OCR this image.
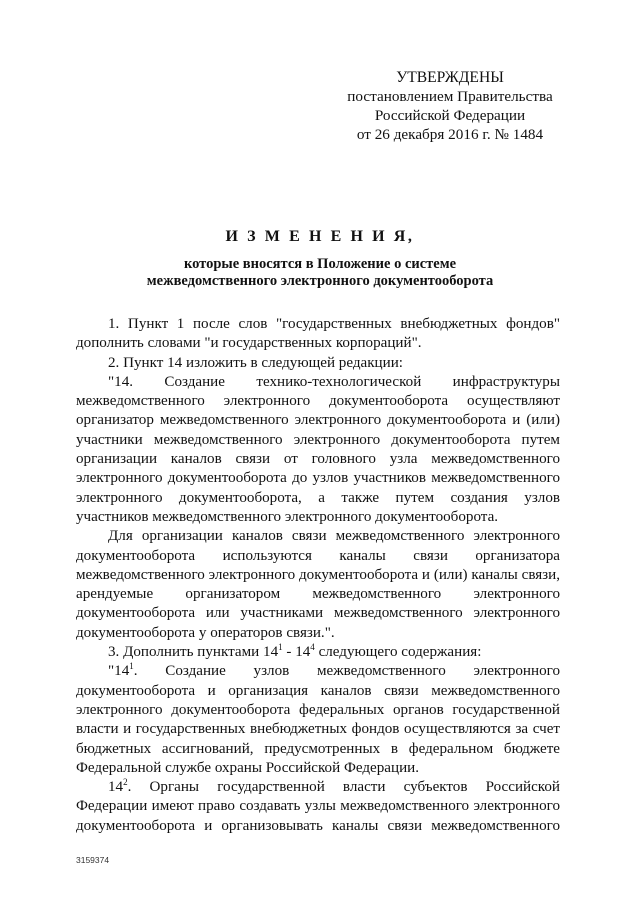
УТВЕРЖДЕНЫ
постановлением Правительства
Российской Федерации
от 26 декабря 2016 г. № 1484
И З М Е Н Е Н И Я,
которые вносятся в Положение о системе
межведомственного электронного документооборота

1. Пункт 1 после слов "государственных внебюджетных фондов" дополнить словами "и государственных корпораций".

2. Пункт 14 изложить в следующей редакции:

"14. Создание технико-технологической инфраструктуры межведомственного электронного документооборота осуществляют организатор межведомственного электронного документооборота и (или) участники межведомственного электронного документооборота путем организации каналов связи от головного узла межведомственного электронного документооборота до узлов участников межведомственного электронного документооборота, а также путем создания узлов участников межведомственного электронного документооборота.

Для организации каналов связи межведомственного электронного документооборота используются каналы связи организатора межведомственного электронного документооборота и (или) каналы связи, арендуемые организатором межведомственного электронного документооборота или участниками межведомственного электронного документооборота у операторов связи.".

3. Дополнить пунктами $14^1 - 14^4$ следующего содержания:

"$14^1$. Создание узлов межведомственного электронного документооборота и организация каналов связи межведомственного электронного документооборота федеральных органов государственной власти и государственных внебюджетных фондов осуществляются за счет бюджетных ассигнований, предусмотренных в федеральном бюджете Федеральной службе охраны Российской Федерации.

$14^2$. Органы государственной власти субъектов Российской Федерации имеют право создавать узлы межведомственного электронного документооборота и организовывать каналы связи межведомственного

3159374
